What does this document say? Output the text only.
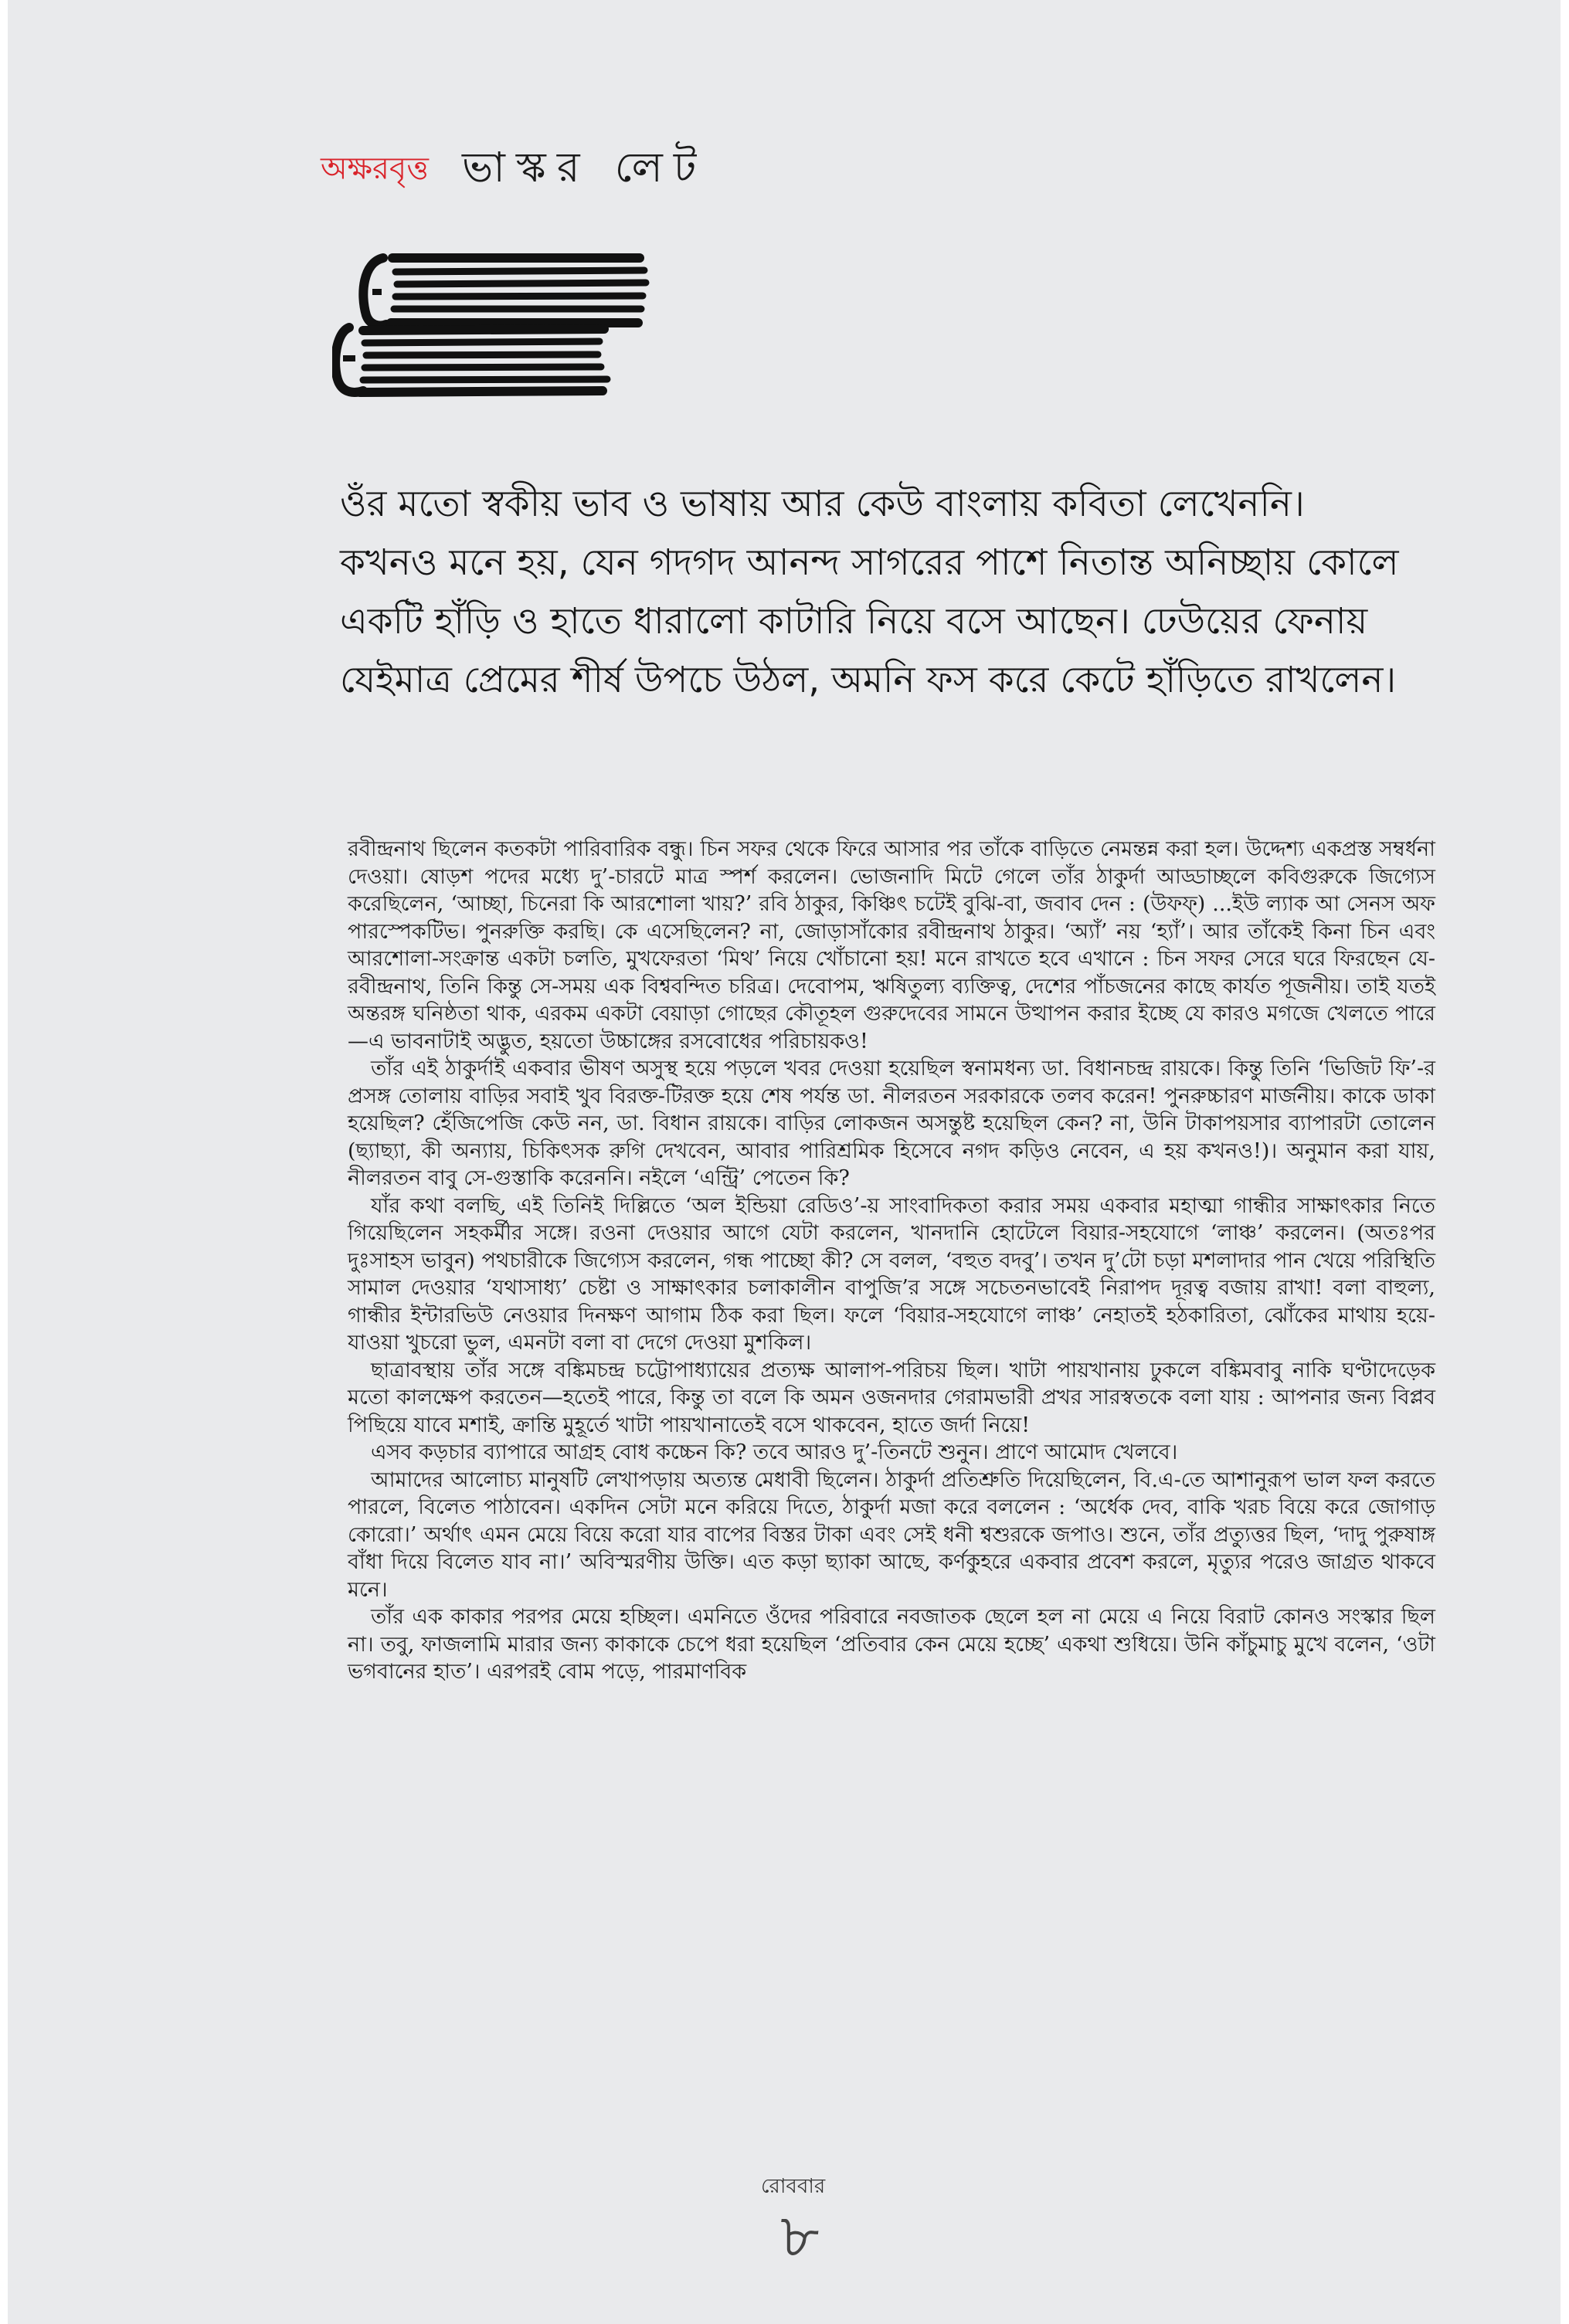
অক্ষরবৃত্ত ভাস্কর লেট

ওঁর মতো স্বকীয় ভাব ও ভাষায় আর কেউ বাংলায় কবিতা লেখেননি। কখনও মনে হয়, যেন গদগদ আনন্দ সাগরের পাশে নিতান্ত অনিচ্ছায় কোলে একটি হাঁড়ি ও হাতে ধারালো কাটারি নিয়ে বসে আছেন। ঢেউয়ের ফেনায় যেইমাত্র প্রেমের শীর্ষ উপচে উঠল, অমনি ফস করে কেটে হাঁড়িতে রাখলেন।

রবীন্দ্রনাথ ছিলেন কতকটা পারিবারিক বন্ধু। চিন সফর থেকে ফিরে আসার পর তাঁকে বাড়িতে নেমন্তন্ন করা হল। উদ্দেশ্য একপ্রস্ত সম্বর্ধনা দেওয়া। ষোড়শ পদের মধ্যে দু’-চারটে মাত্র স্পর্শ করলেন। ভোজনাদি মিটে গেলে তাঁর ঠাকুর্দা আড্ডাচ্ছলে কবিগুরুকে জিগ্যেস করেছিলেন, ‘আচ্ছা, চিনেরা কি আরশোলা খায়?’ রবি ঠাকুর, কিঞ্চিৎ চটেই বুঝি-বা, জবাব দেন : (উফফ্) ...ইউ ল্যাক আ সেনস অফ পারস্পেকটিভ। পুনরুক্তি করছি। কে এসেছিলেন? না, জোড়াসাঁকোর রবীন্দ্রনাথ ঠাকুর। ‘অ্যাঁ’ নয় ‘হ্যাঁ’। আর তাঁকেই কিনা চিন এবং আরশোলা-সংক্রান্ত একটা চলতি, মুখফেরতা ‘মিথ’ নিয়ে খোঁচানো হয়! মনে রাখতে হবে এখানে : চিন সফর সেরে ঘরে ফিরছেন যে-রবীন্দ্রনাথ, তিনি কিন্তু সে-সময় এক বিশ্ববন্দিত চরিত্র। দেবোপম, ঋষিতুল্য ব্যক্তিত্ব, দেশের পাঁচজনের কাছে কার্যত পূজনীয়। তাই যতই অন্তরঙ্গ ঘনিষ্ঠতা থাক, এরকম একটা বেয়াড়া গোছের কৌতূহল গুরুদেবের সামনে উত্থাপন করার ইচ্ছে যে কারও মগজে খেলতে পারে—এ ভাবনাটাই অদ্ভুত, হয়তো উচ্চাঙ্গের রসবোধের পরিচায়কও!

তাঁর এই ঠাকুর্দাই একবার ভীষণ অসুস্থ হয়ে পড়লে খবর দেওয়া হয়েছিল স্বনামধন্য ডা. বিধানচন্দ্র রায়কে। কিন্তু তিনি ‘ভিজিট ফি’-র প্রসঙ্গ তোলায় বাড়ির সবাই খুব বিরক্ত-টিরক্ত হয়ে শেষ পর্যন্ত ডা. নীলরতন সরকারকে তলব করেন! পুনরুচ্চারণ মার্জনীয়। কাকে ডাকা হয়েছিল? হেঁজিপেজি কেউ নন, ডা. বিধান রায়কে। বাড়ির লোকজন অসন্তুষ্ট হয়েছিল কেন? না, উনি টাকাপয়সার ব্যাপারটা তোলেন (ছ্যাছ্যা, কী অন্যায়, চিকিৎসক রুগি দেখবেন, আবার পারিশ্রমিক হিসেবে নগদ কড়িও নেবেন, এ হয় কখনও!)। অনুমান করা যায়, নীলরতন বাবু সে-গুস্তাকি করেননি। নইলে ‘এন্ট্রি’ পেতেন কি?

যাঁর কথা বলছি, এই তিনিই দিল্লিতে ‘অল ইন্ডিয়া রেডিও’-য় সাংবাদিকতা করার সময় একবার মহাত্মা গান্ধীর সাক্ষাৎকার নিতে গিয়েছিলেন সহকর্মীর সঙ্গে। রওনা দেওয়ার আগে যেটা করলেন, খানদানি হোটেলে বিয়ার-সহযোগে ‘লাঞ্চ’ করলেন। (অতঃপর দুঃসাহস ভাবুন) পথচারীকে জিগ্যেস করলেন, গন্ধ পাচ্ছো কী? সে বলল, ‘বহুত বদবু’। তখন দু’টো চড়া মশলাদার পান খেয়ে পরিস্থিতি সামাল দেওয়ার ‘যথাসাধ্য’ চেষ্টা ও সাক্ষাৎকার চলাকালীন বাপুজি’র সঙ্গে সচেতনভাবেই নিরাপদ দূরত্ব বজায় রাখা! বলা বাহুল্য, গান্ধীর ইন্টারভিউ নেওয়ার দিনক্ষণ আগাম ঠিক করা ছিল। ফলে ‘বিয়ার-সহযোগে লাঞ্চ’ নেহাতই হঠকারিতা, ঝোঁকের মাথায় হয়ে-যাওয়া খুচরো ভুল, এমনটা বলা বা দেগে দেওয়া মুশকিল।

ছাত্রাবস্থায় তাঁর সঙ্গে বঙ্কিমচন্দ্র চট্টোপাধ্যায়ের প্রত্যক্ষ আলাপ-পরিচয় ছিল। খাটা পায়খানায় ঢুকলে বঙ্কিমবাবু নাকি ঘণ্টাদেড়েক মতো কালক্ষেপ করতেন—হতেই পারে, কিন্তু তা বলে কি অমন ওজনদার গেরামভারী প্রখর সারস্বতকে বলা যায় : আপনার জন্য বিপ্লব পিছিয়ে যাবে মশাই, ক্রান্তি মুহূর্তে খাটা পায়খানাতেই বসে থাকবেন, হাতে জর্দা নিয়ে!

এসব কড়চার ব্যাপারে আগ্রহ বোধ কচ্চেন কি? তবে আরও দু’-তিনটে শুনুন। প্রাণে আমোদ খেলবে।

আমাদের আলোচ্য মানুষটি লেখাপড়ায় অত্যন্ত মেধাবী ছিলেন। ঠাকুর্দা প্রতিশ্রুতি দিয়েছিলেন, বি.এ-তে আশানুরূপ ভাল ফল করতে পারলে, বিলেত পাঠাবেন। একদিন সেটা মনে করিয়ে দিতে, ঠাকুর্দা মজা করে বললেন : ‘অর্ধেক দেব, বাকি খরচ বিয়ে করে জোগাড় কোরো।’ অর্থাৎ এমন মেয়ে বিয়ে করো যার বাপের বিস্তর টাকা এবং সেই ধনী শ্বশুরকে জপাও। শুনে, তাঁর প্রত্যুত্তর ছিল, ‘দাদু পুরুষাঙ্গ বাঁধা দিয়ে বিলেত যাব না।’ অবিস্মরণীয় উক্তি। এত কড়া ছ্যাকা আছে, কর্ণকুহরে একবার প্রবেশ করলে, মৃত্যুর পরেও জাগ্রত থাকবে মনে।

তাঁর এক কাকার পরপর মেয়ে হচ্ছিল। এমনিতে ওঁদের পরিবারে নবজাতক ছেলে হল না মেয়ে এ নিয়ে বিরাট কোনও সংস্কার ছিল না। তবু, ফাজলামি মারার জন্য কাকাকে চেপে ধরা হয়েছিল ‘প্রতিবার কেন মেয়ে হচ্ছে’ একথা শুধিয়ে। উনি কাঁচুমাচু মুখে বলেন, ‘ওটা ভগবানের হাত’। এরপরই বোম পড়ে, পারমাণবিক

রোববার
৮
